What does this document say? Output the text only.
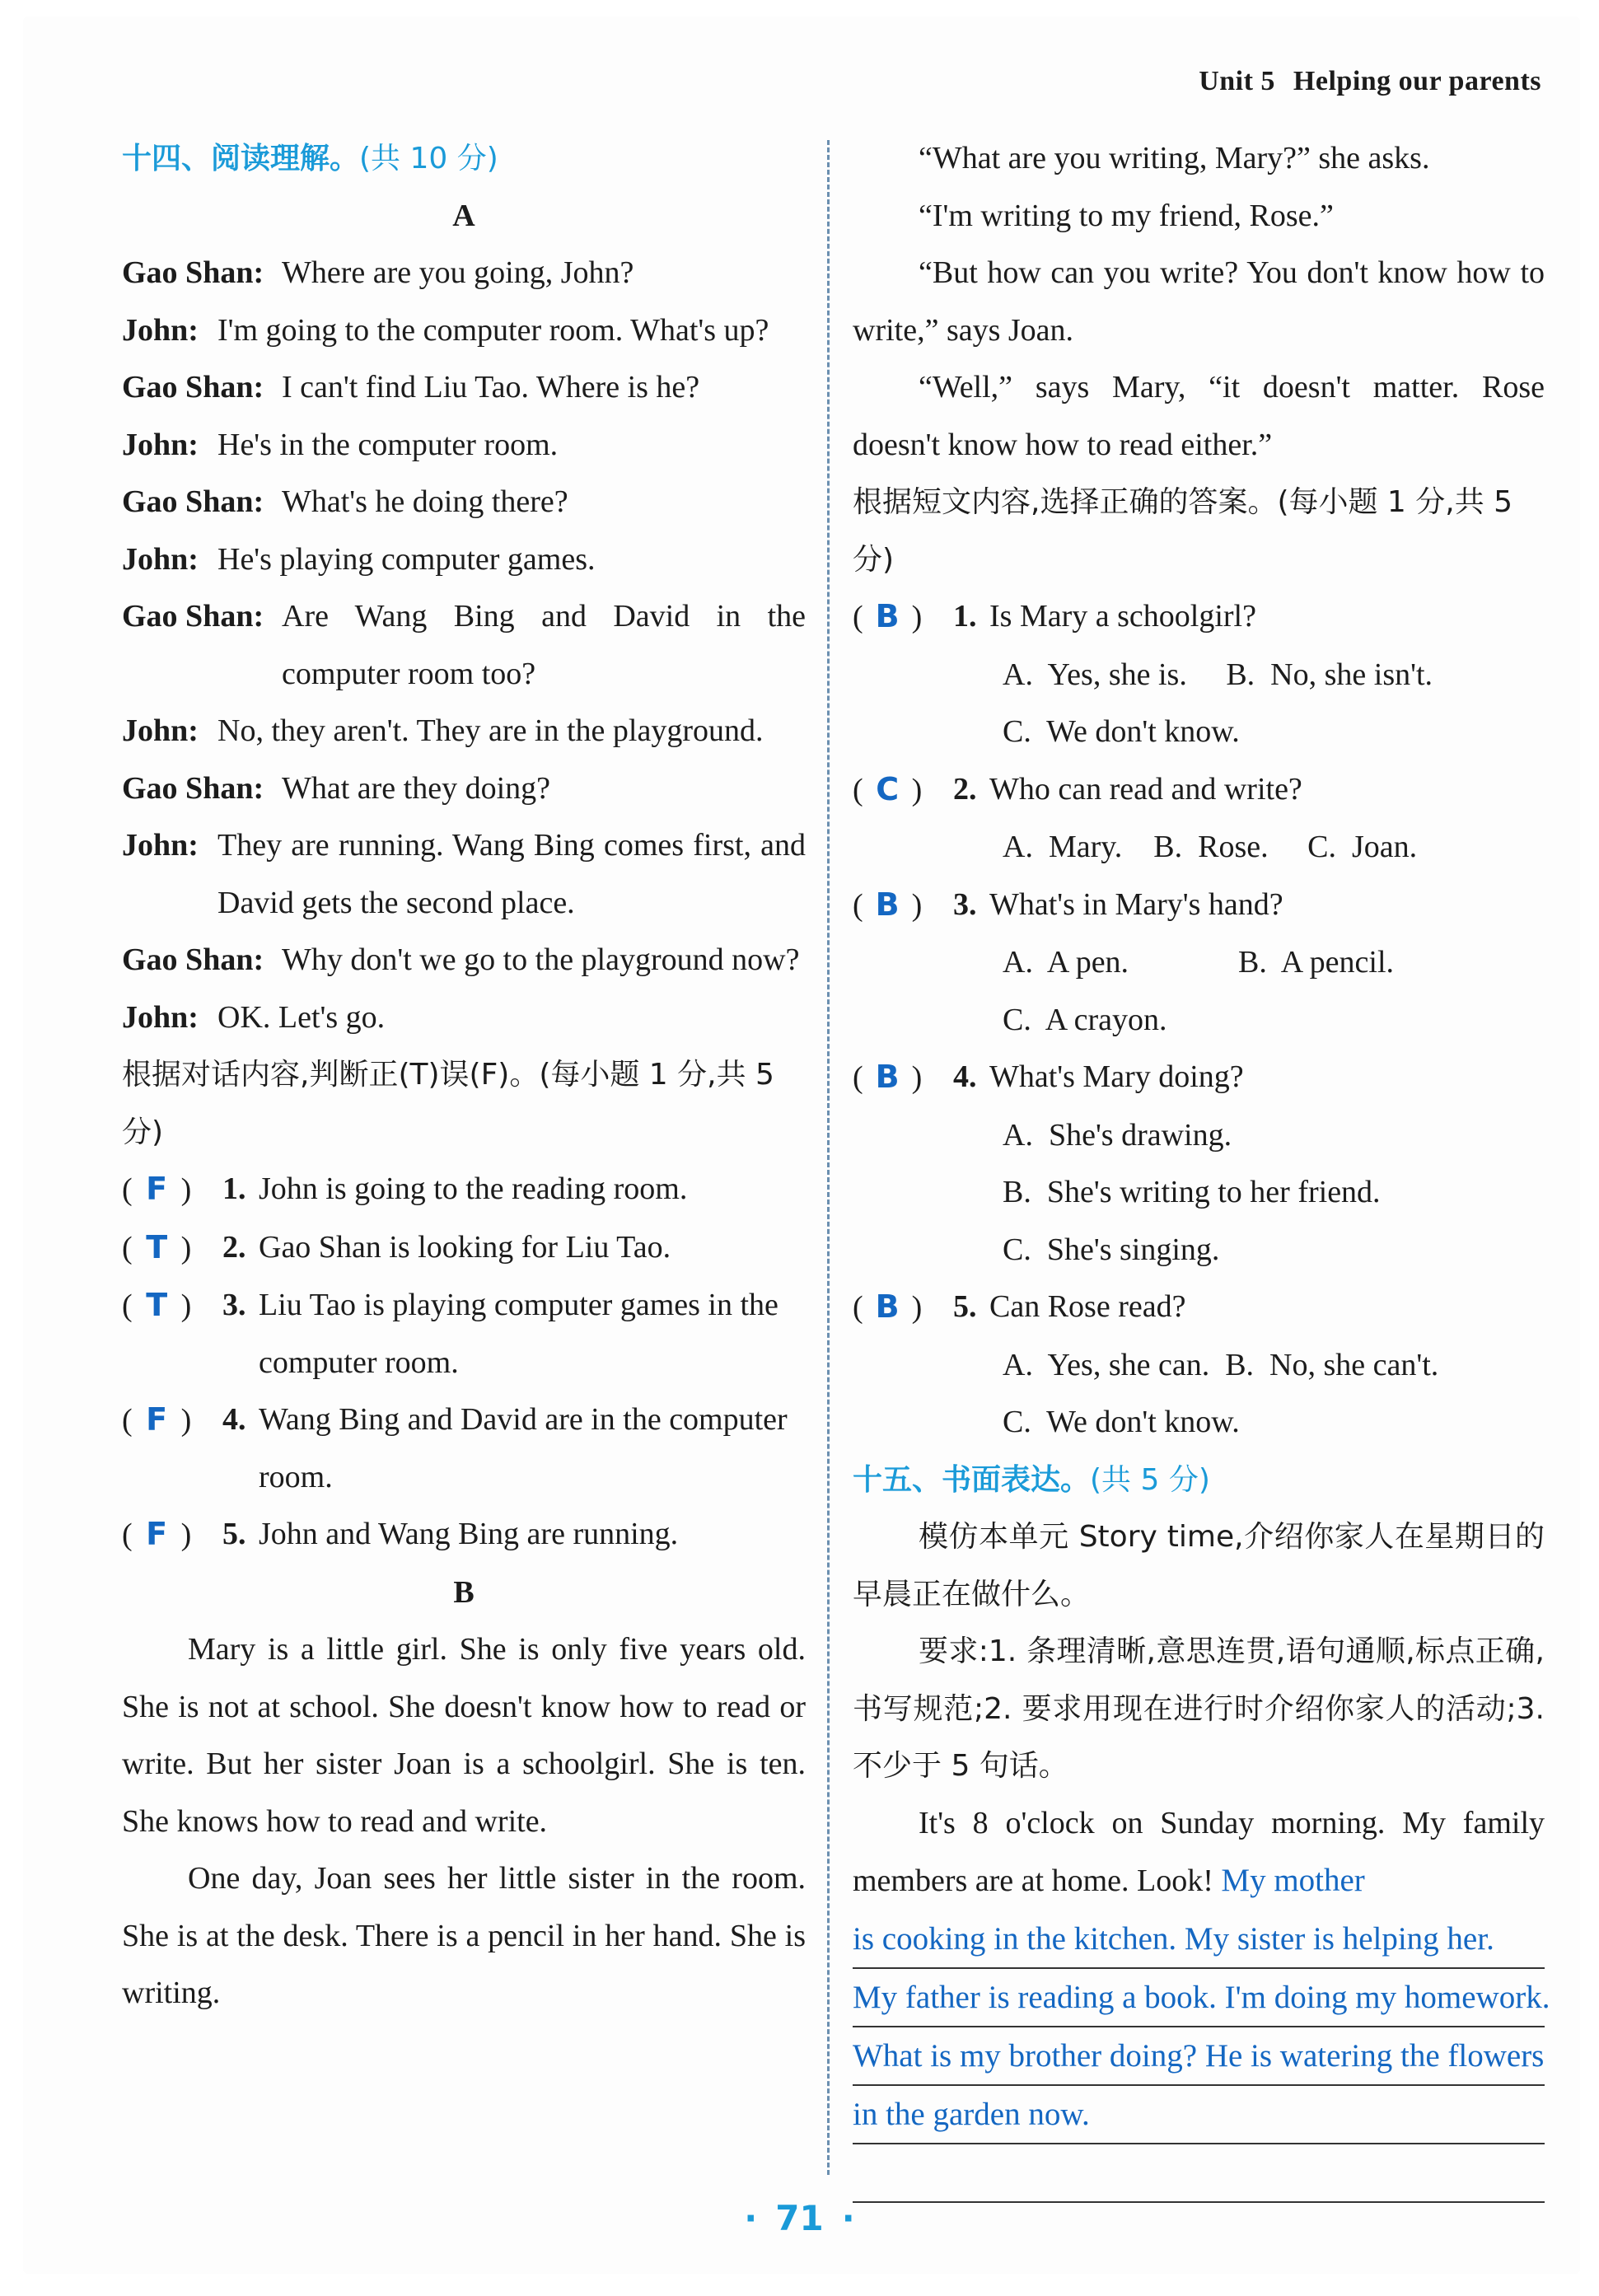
Unit 5 Helping our parents
十四、阅读理解。(共 10 分)
A
Gao Shan: Where are you going, John?
John: I'm going to the computer room. What's up?
Gao Shan: I can't find Liu Tao. Where is he?
John: He's in the computer room.
Gao Shan: What's he doing there?
John: He's playing computer games.
Gao Shan: Are Wang Bing and David in the computer room too?
John: No, they aren't. They are in the playground.
Gao Shan: What are they doing?
John: They are running. Wang Bing comes first, and David gets the second place.
Gao Shan: Why don't we go to the playground now?
John: OK. Let's go.
根据对话内容,判断正(T)误(F)。(每小题 1 分,共 5 分)
( F ) 1. John is going to the reading room.
( T ) 2. Gao Shan is looking for Liu Tao.
( T ) 3. Liu Tao is playing computer games in the computer room.
( F ) 4. Wang Bing and David are in the computer room.
( F ) 5. John and Wang Bing are running.
B
Mary is a little girl. She is only five years old. She is not at school. She doesn't know how to read or write. But her sister Joan is a schoolgirl. She is ten. She knows how to read and write.
One day, Joan sees her little sister in the room. She is at the desk. There is a pencil in her hand. She is writing.
“What are you writing, Mary?” she asks.
“I'm writing to my friend, Rose.”
“But how can you write? You don't know how to write,” says Joan.
“Well,” says Mary, “it doesn't matter. Rose doesn't know how to read either.”
根据短文内容,选择正确的答案。(每小题 1 分,共 5 分)
( B ) 1. Is Mary a schoolgirl?
A.  Yes, she is.     B.  No, she isn't.
C.  We don't know.
( C ) 2. Who can read and write?
A.  Mary.    B.  Rose.     C.  Joan.
( B ) 3. What's in Mary's hand?
A.  A pen.              B.  A pencil.
C.  A crayon.
( B ) 4. What's Mary doing?
A.  She's drawing.
B.  She's writing to her friend.
C.  She's singing.
( B ) 5. Can Rose read?
A.  Yes, she can.  B.  No, she can't.
C.  We don't know.
十五、书面表达。(共 5 分)
模仿本单元 Story time,介绍你家人在星期日的早晨正在做什么。
要求:1. 条理清晰,意思连贯,语句通顺,标点正确,书写规范;2. 要求用现在进行时介绍你家人的活动;3. 不少于 5 句话。
It's 8 o'clock on Sunday morning. My family members are at home. Look! My mother
is cooking in the kitchen. My sister is helping her.
My father is reading a book. I'm doing my homework.
What is my brother doing? He is watering the flowers
in the garden now.
· 71 ·
